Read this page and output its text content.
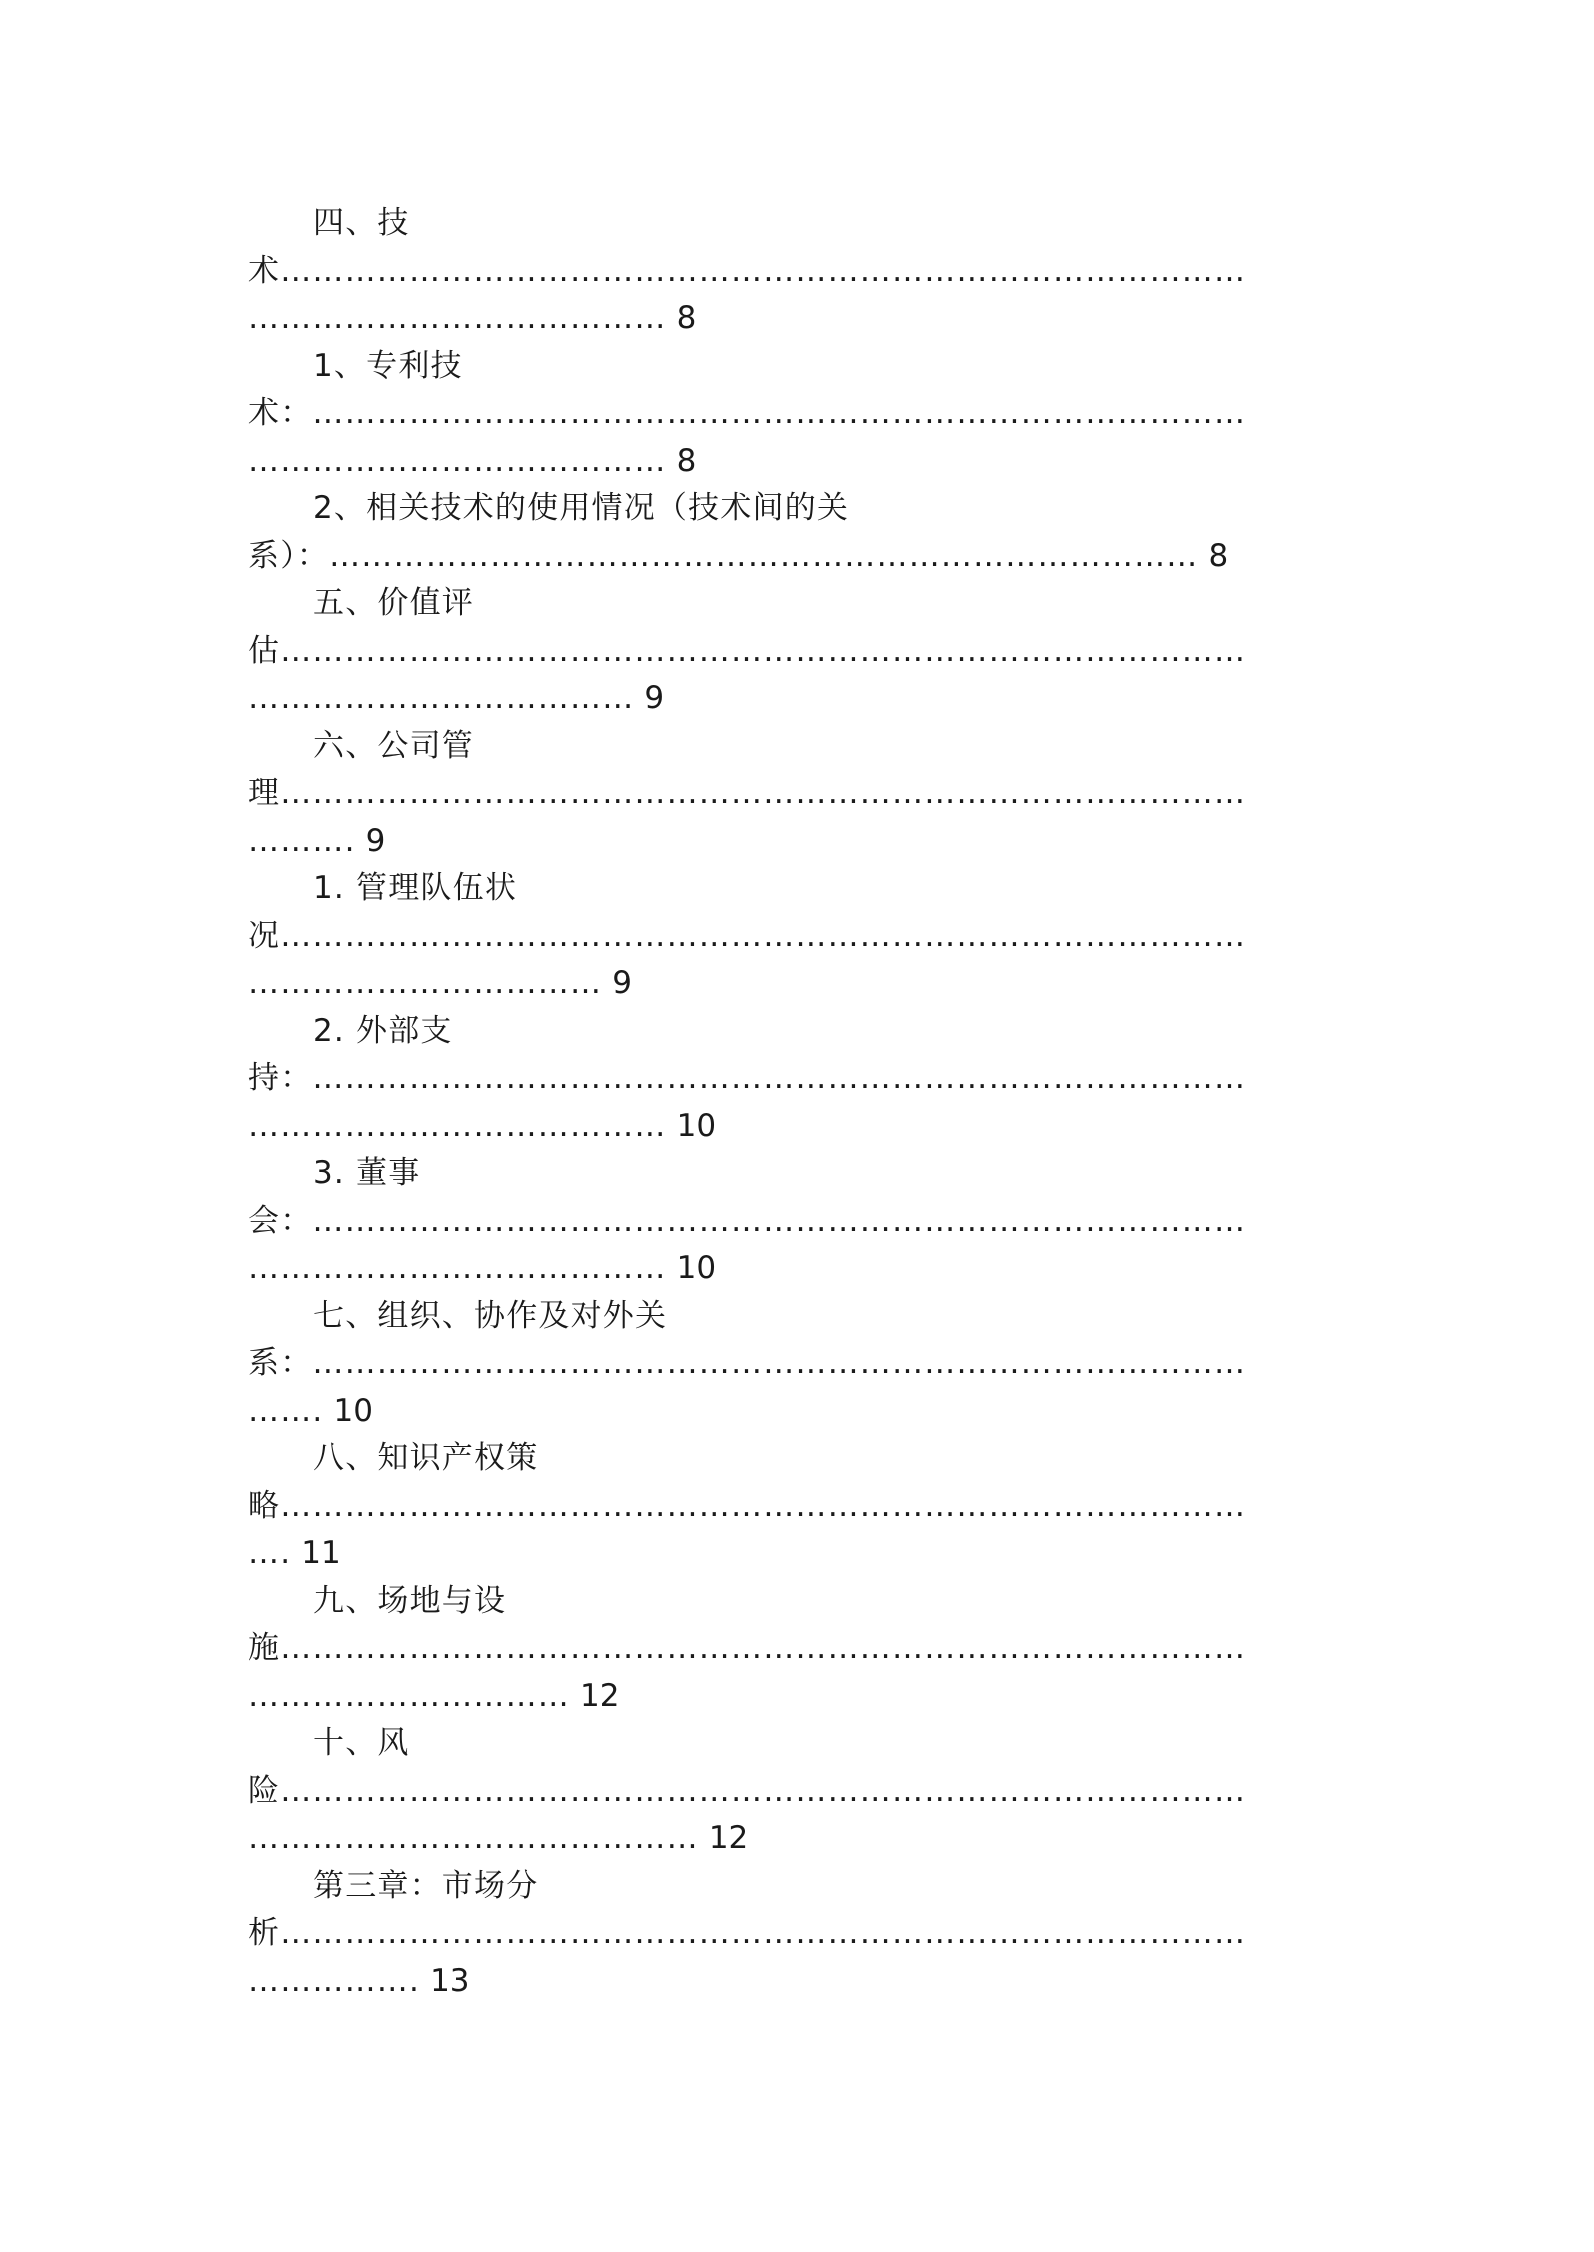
四、技
术………………………………………………………………………………
………………………………… 8
1、专利技
术：……………………………………………………………………………
………………………………… 8
2、相关技术的使用情况（技术间的关
系）：……………………………………………………………………… 8
五、价值评
估………………………………………………………………………………
……………………………… 9
六、公司管
理………………………………………………………………………………
………. 9
1. 管理队伍状
况………………………………………………………………………………
…………………………… 9
2. 外部支
持：……………………………………………………………………………
………………………………… 10
3. 董事
会：……………………………………………………………………………
………………………………… 10
七、组织、协作及对外关
系：……………………………………………………………………………
……. 10
八、知识产权策
略………………………………………………………………………………
…. 11
九、场地与设
施………………………………………………………………………………
………………………… 12
十、风
险………………………………………………………………………………
…………………………………… 12
第三章：市场分
析………………………………………………………………………………
……………. 13
